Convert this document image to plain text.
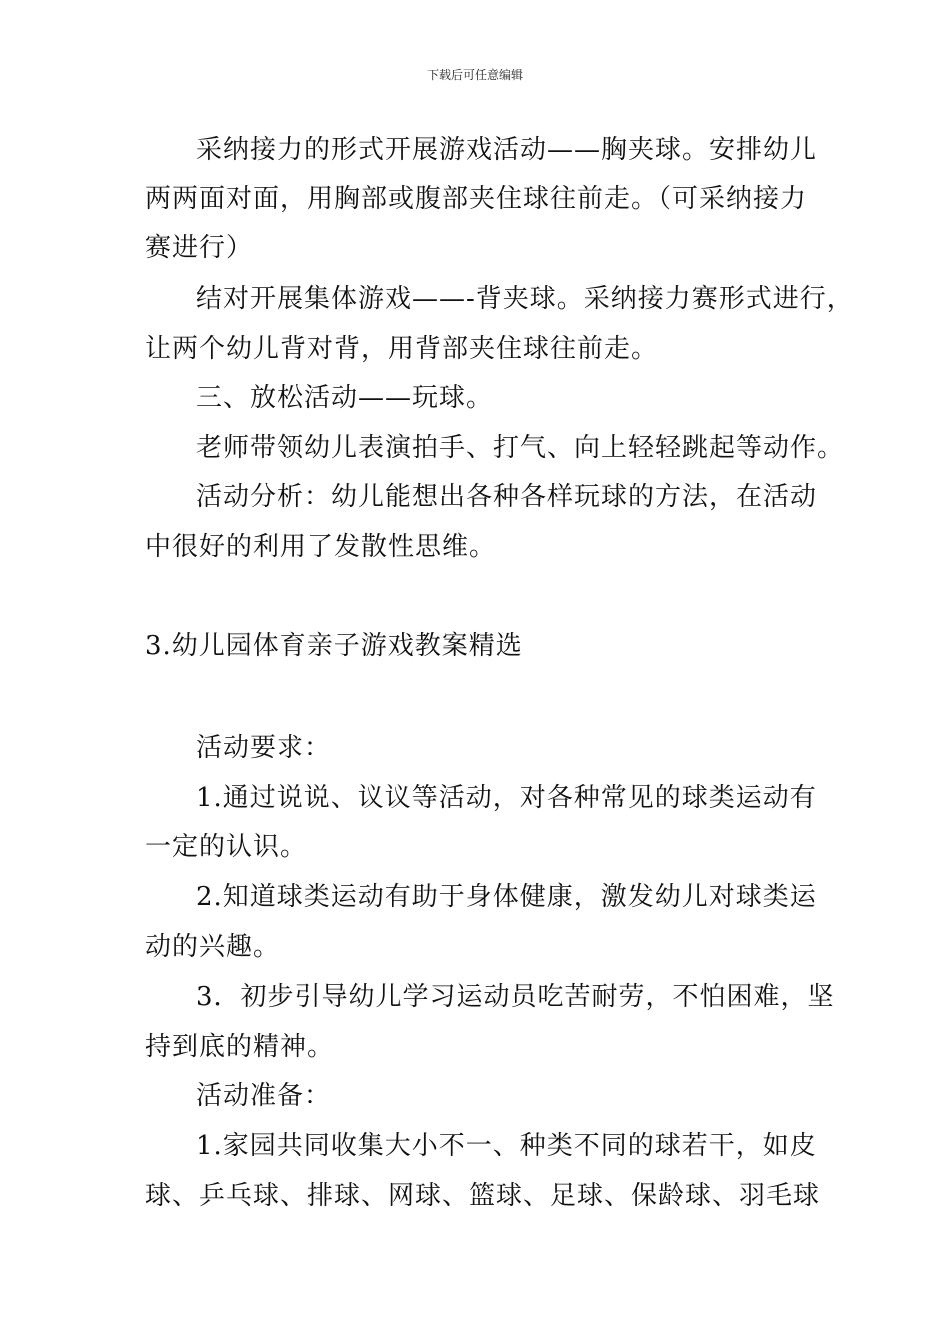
下载后可任意编辑
采纳接力的形式开展游戏活动——胸夹球。安排幼儿
两两面对面，用胸部或腹部夹住球往前走。（可采纳接力
赛进行）
结对开展集体游戏——-背夹球。采纳接力赛形式进行，
让两个幼儿背对背，用背部夹住球往前走。
三、放松活动——玩球。
老师带领幼儿表演拍手、打气、向上轻轻跳起等动作。
活动分析：幼儿能想出各种各样玩球的方法，在活动
中很好的利用了发散性思维。
3.幼儿园体育亲子游戏教案精选
活动要求：
1.通过说说、议议等活动，对各种常见的球类运动有
一定的认识。
2.知道球类运动有助于身体健康，激发幼儿对球类运
动的兴趣。
3．初步引导幼儿学习运动员吃苦耐劳，不怕困难，坚
持到底的精神。
活动准备：
1.家园共同收集大小不一、种类不同的球若干，如皮
球、乒乓球、排球、网球、篮球、足球、保龄球、羽毛球
